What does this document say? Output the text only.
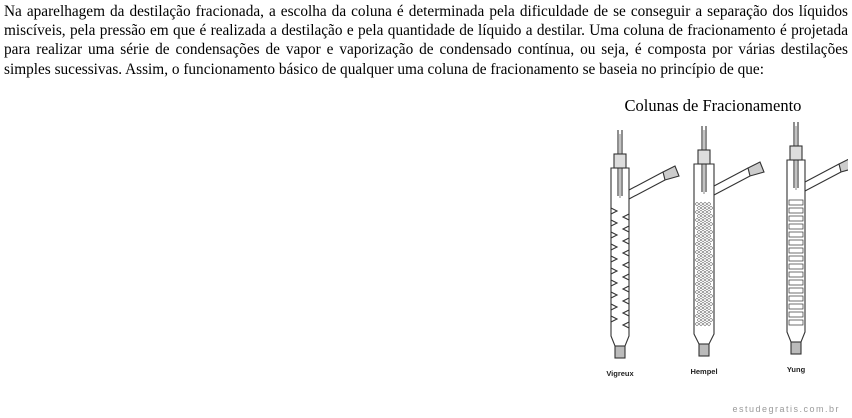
Na aparelhagem da destilação fracionada, a escolha da coluna é determinada pela dificuldade de se conseguir a separação dos líquidos miscíveis, pela pressão em que é realizada a destilação e pela quantidade de líquido a destilar. Uma coluna de fracionamento é projetada para realizar uma série de condensações de vapor e vaporização de condensado contínua, ou seja, é composta por várias destilações simples sucessivas. Assim, o funcionamento básico de qualquer uma coluna de fracionamento se baseia no princípio de que:

Colunas de Fracionamento
Vigreux	Hempel	Yung
estudegratis.com.br
